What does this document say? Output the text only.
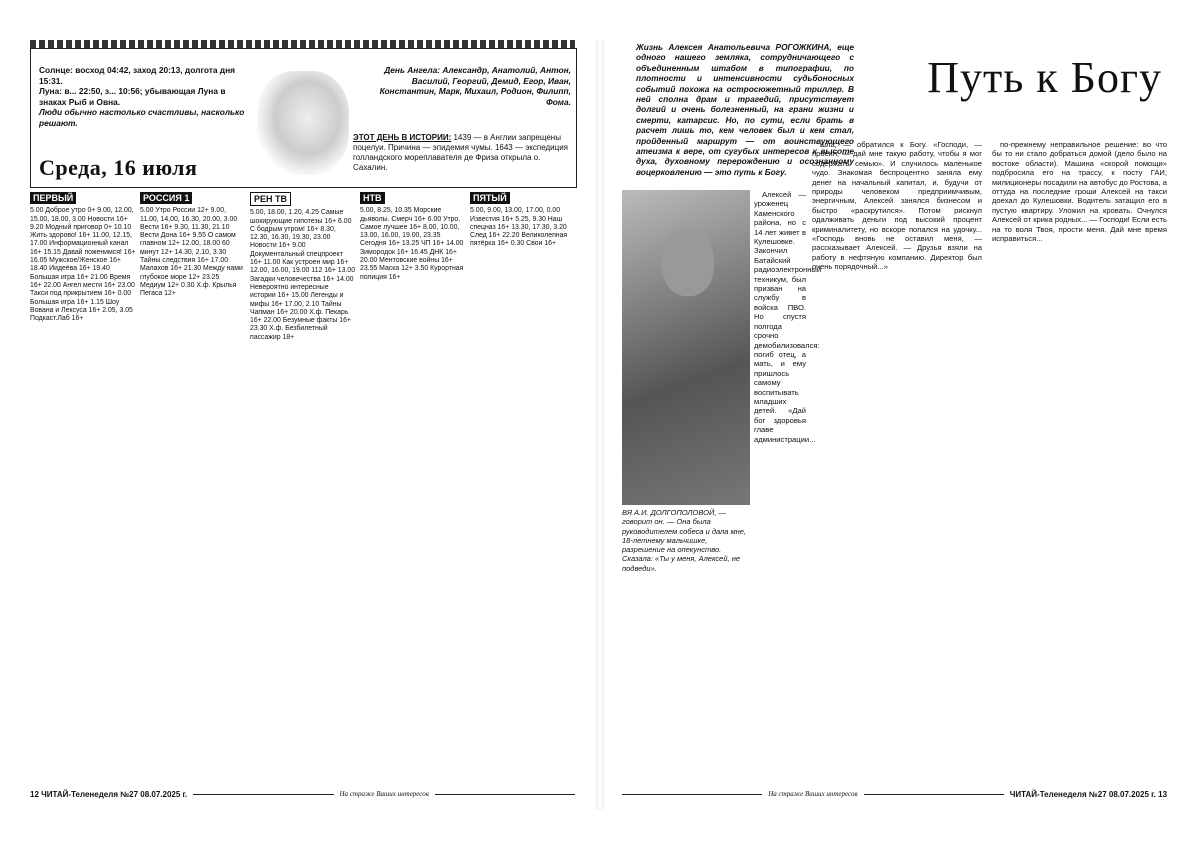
Солнце: восход 04:42, заход 20:13, долгота дня 15:31.

Луна: в... 22:50, з... 10:56; убывающая Луна в знаках Рыб и Овна.

Люди обычно настолько счастливы, насколько решают.

Среда, 16 июля
День Ангела: Александр, Анатолий, Антон, Василий, Георгий, Демид, Егор, Иван, Константин, Марк, Михаил, Родион, Филипп, Фома.
ЭТОТ ДЕНЬ В ИСТОРИИ: 1439 — в Англии запрещены поцелуи. Причина — эпидемия чумы. 1643 — экспедиция голландского мореплавателя де Фриза открыла о. Сахалин.
ПЕРВЫЙ

5.00 Доброе утро 0+ 9.00, 12.00, 15.00, 18.00, 3.00 Новости 16+ 9.20 Модный приговор 0+ 10.10 Жить здорово! 16+ 11.00, 12.15, 17.00 Информационный канал 16+ 15.15 Давай поженимся! 16+ 16.05 Мужское/Женское 16+ 18.40 Иидеёва 16+ 19.40 Большая игра 16+ 21.00 Время 16+ 22.00 Ангел мести 16+ 23.00 Такси под прикрытием 16+ 0.00 Большая игра 16+ 1.15 Шоу Вована и Лексуса 16+ 2.05, 3.05 Подкаст.Лаб 16+

РОССИЯ 1

5.00 Утро России 12+ 9.00, 11.00, 14.00, 16.30, 20.00, 3.00 Вести 16+ 9.30, 11.30, 21.10 Вести Дона 16+ 9.55 О самом главном 12+ 12.00, 18.00 60 минут 12+ 14.30, 2.10, 3.30 Тайны следствия 16+ 17.00 Малахов 16+ 21.30 Между нами глубокое море 12+ 23.25 Медиум 12+ 0.30 Х.ф. Крылья Пегаса 12+

РЕН ТВ

5.00, 18.00, 1.20, 4.25 Самые шокирующие гипотезы 16+ 6.00 С бодрым утром! 16+ 8.30, 12.30, 16.30, 19.30, 23.00 Новости 16+ 9.00 Документальный спецпроект 16+ 11.00 Как устроен мир 16+ 12.00, 16.00, 19.00 112 16+ 13.00 Загадки человечества 16+ 14.00 Невероятно интересные истории 16+ 15.00 Легенды и мифы 16+ 17.00, 2.10 Тайны Чапман 16+ 20.00 Х.ф. Пекарь 16+ 22.00 Безумные факты 16+ 23.30 Х.ф. Безбилетный пассажир 18+

НТВ

5.00, 8.25, 10.35 Морские дьяволы. Смерч 16+ 6.00 Утро. Самое лучшее 16+ 8.00, 10.00, 13.00, 16.00, 19.00, 23.35 Сегодня 16+ 13.25 ЧП 16+ 14.00 Зимородок 16+ 16.45 ДНК 16+ 20.00 Ментовские войны 16+ 23.55 Маска 12+ 3.50 Курортная полиция 16+

ПЯТЫЙ

5.00, 9.00, 13.00, 17.00, 0.00 Известия 16+ 5.25, 9.30 Наш спецназ 16+ 13.30, 17.30, 3.20 След 16+ 22.20 Великолепная пятёрка 16+ 0.30 Свои 16+

12 ЧИТАЙ-Теленеделя №27 08.07.2025 г.	На страже Ваших интересов
Жизнь Алексея Анатольевича РОГОЖКИНА, еще одного нашего земляка, сотрудничающего с объединенным штабом в типографии, по плотности и интенсивности судьбоносных событий похожа на остросюжетный триллер. В ней сполна драм и трагедий, присутствует долгий и очень болезненный, на грани жизни и смерти, катарсис. Но, по сути, если брать в расчет лишь то, кем человек был и кем стал, пройденный маршрут — от воинствующего атеизма к вере, от сугубых интересов к высоте духа, духовному перерождению и осознанному воцерковлению — это путь к Богу.
Путь к Богу
ВЯ А.И. ДОЛГОПОЛОВОЙ, — говорит он. — Она была руководителем собеса и дала мне, 18-летнему мальчишке, разрешение на опекунство. Сказала: «Ты у меня, Алексей, не подведи».

Алексей — уроженец Каменского района, но с 14 лет живет в Кулешовке. Закончил Батайский радиоэлектронный техникум, был призван на службу в войска ПВО. Но спустя полгода срочно демобилизовался: погиб отец, а мать, и ему пришлось самому воспитывать младших детей. «Дай бог здоровья главе администрации...

шла, — обратился к Богу. «Господи, — просил, — дай мне такую работу, чтобы я мог содержать семью». И случилось маленькое чудо. Знакомая беспроцентно заняла ему денег на начальный капитал, и, будучи от природы человеком предприимчивым, энергичным, Алексей занялся бизнесом и быстро «раскрутился». Потом рискнул одалживать деньги под высокий процент криминалитету, но вскоре попался на удочку... «Господь вновь не оставил меня, — рассказывает Алексей. — Друзья взяли на работу в нефтяную компанию. Директор был очень порядочный...»

по-прежнему неправильное решение: во что бы то ни стало добраться домой (дело было на востоке области). Машина «скорой помощи» подбросила его на трассу, к посту ГАИ, милиционеры посадили на автобус до Ростова, а оттуда на последние гроши Алексей на такси доехал до Кулешовки. Водитель затащил его в пустую квартиру. Уложил на кровать. Очнулся Алексей от крика родных... — Господи! Если есть на то воля Твоя, прости меня. Дай мне время исправиться...

На страже Ваших интересов	ЧИТАЙ-Теленеделя №27 08.07.2025 г. 13
